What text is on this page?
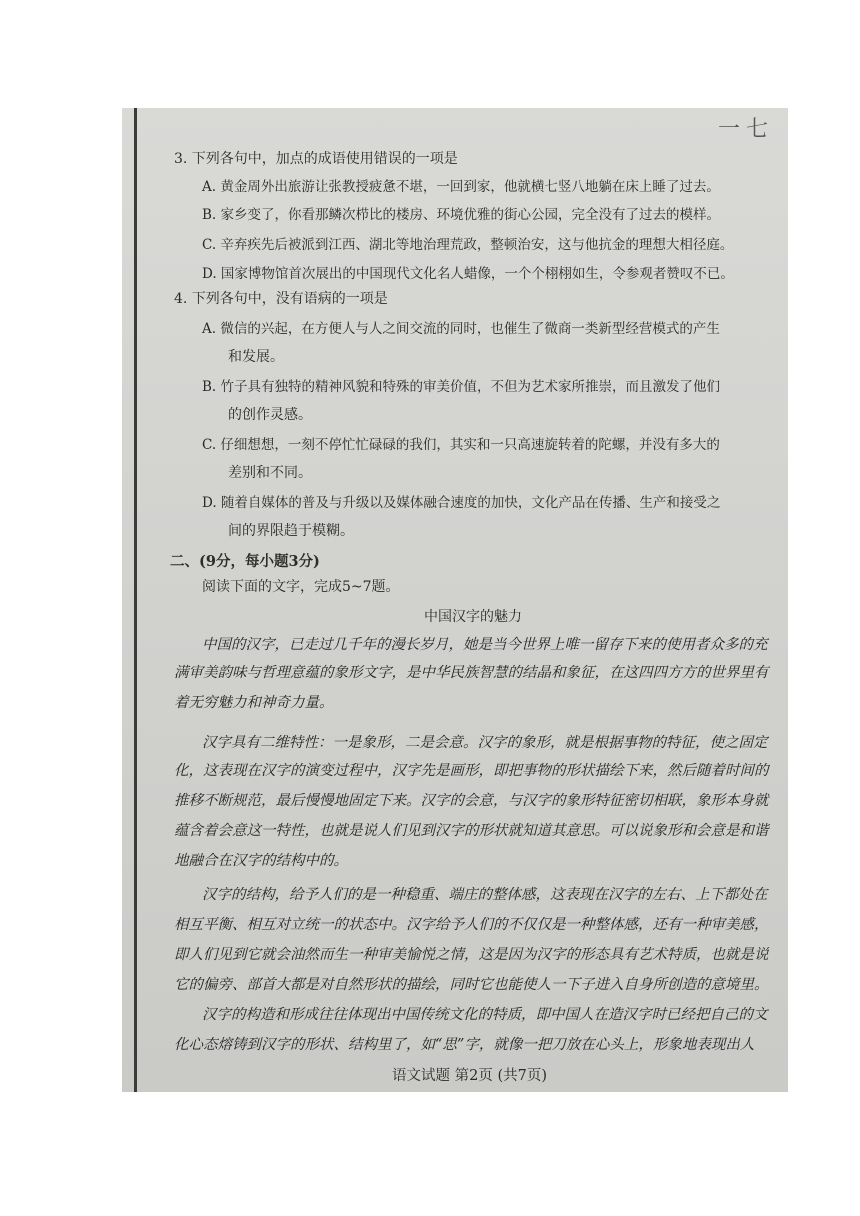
一七
3. 下列各句中，加点的成语使用错误的一项是
A. 黄金周外出旅游让张教授疲惫不堪，一回到家，他就横七竖八地躺在床上睡了过去。
B. 家乡变了，你看那鳞次栉比的楼房、环境优雅的街心公园，完全没有了过去的模样。
C. 辛弃疾先后被派到江西、湖北等地治理荒政，整顿治安，这与他抗金的理想大相径庭。
D. 国家博物馆首次展出的中国现代文化名人蜡像，一个个栩栩如生，令参观者赞叹不已。
4. 下列各句中，没有语病的一项是
A. 微信的兴起，在方便人与人之间交流的同时，也催生了微商一类新型经营模式的产生
和发展。
B. 竹子具有独特的精神风貌和特殊的审美价值，不但为艺术家所推崇，而且激发了他们
的创作灵感。
C. 仔细想想，一刻不停忙忙碌碌的我们，其实和一只高速旋转着的陀螺，并没有多大的
差别和不同。
D. 随着自媒体的普及与升级以及媒体融合速度的加快，文化产品在传播、生产和接受之
间的界限趋于模糊。
二、(9分，每小题3分)
阅读下面的文字，完成5~7题。
中国汉字的魅力
中国的汉字，已走过几千年的漫长岁月，她是当今世界上唯一留存下来的使用者众多的充
满审美韵味与哲理意蕴的象形文字，是中华民族智慧的结晶和象征，在这四四方方的世界里有
着无穷魅力和神奇力量。
汉字具有二维特性：一是象形，二是会意。汉字的象形，就是根据事物的特征，使之固定
化，这表现在汉字的演变过程中，汉字先是画形，即把事物的形状描绘下来，然后随着时间的
推移不断规范，最后慢慢地固定下来。汉字的会意，与汉字的象形特征密切相联，象形本身就
蕴含着会意这一特性，也就是说人们见到汉字的形状就知道其意思。可以说象形和会意是和谐
地融合在汉字的结构中的。
汉字的结构，给予人们的是一种稳重、端庄的整体感，这表现在汉字的左右、上下都处在
相互平衡、相互对立统一的状态中。汉字给予人们的不仅仅是一种整体感，还有一种审美感，
即人们见到它就会油然而生一种审美愉悦之情，这是因为汉字的形态具有艺术特质，也就是说
它的偏旁、部首大都是对自然形状的描绘，同时它也能使人一下子进入自身所创造的意境里。
汉字的构造和形成往往体现出中国传统文化的特质，即中国人在造汉字时已经把自己的文
化心态熔铸到汉字的形状、结构里了，如“思”字，就像一把刀放在心头上，形象地表现出人
语文试题 第2页 (共7页)
